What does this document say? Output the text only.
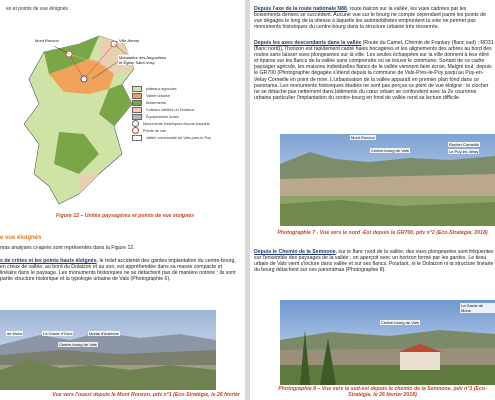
es et points de vue éloignés
Mont Ronzon	Ville Abrest
Monastère des Augustines et Église Saint-Vosy
plateaux agricoles
Vallée urbaine
Boisements
Coteaux habités du Dolaizon
Équipements isolés
Monuments historiques depuis lesquels
Points de vue
Vallée communale de Vals-près-le-Puy
Figure 12 – Unités paysagères et points de vue éloignés
e vue éloignés
mas analysés ci-après sont représentés dans la Figure 12.
s de crêtes et les points hauts éloignés, le relief accidenté des gardes implantation du centre-bourg, en creux de vallée, au bord du Dolaizon et au zon, est appréhendée dans sa masse compacte et linéaire dans le paysage. Les monuments historiques ne se détachent pas de manière notoire ; ils sont partie structure historique et la typologie urbaine de Vals (Photographie 6).
de Mons	La Garde d'Ours	Monts d'Ardèche
Centre-bourg de Vals
Vue vers l'ouest depuis le Mont Ronzon, pdv n°1 (Eco-Stratégie, le 26 février
Depuis l'axe de la route nationale N88, route balcon sur la vallée, les vues cadrées par les boisements denses se succèdent. Aucune vue sur le bourg ne compte cependant parmi les points de vue dégagés le long de la vitesse à laquelle les automobilistes empruntent la voie ne permet pas monuments historiques du centre-bourg dans la structure urbaine très resserrée.
Depuis les axes descendants dans la vallée (Route du Camel, Chemin de Franlary (flanc sud) ; RD31 (flanc nord)), l'horizon est rapidement cadré haies bocagères et les alignements des arbres au bord des routes sans laisser vues plongeantes sur la ville. Les seules échappées sur la ville donnent à leur étiré et éparse sur les flancs de la vallée sans comprendre où se trouve le commune. Sortant de ce cadre paysager agricole, les maisons individuelles flancs de la vallée viennent faire écran. Malgré tout, depuis le GR700 (Photographie dégagée s'étend depuis la commune de Vals-Près-le-Puy jusqu'au Puy-en-Velay Corneille en point de mire. L'urbanisation de la vallée apparaît en premier plan fond dans ce panorama. Les monuments historiques étudiés ne sont pas perçus ce point de vue éloigné : le clocher ne se détache pas nettement dans bâtiments du cœur urbain se confondent avec la 2e couronne urbaine particulier l'implantation du centre-bourg en fond de vallée rend sa lecture difficile.
Mont Ronzon
Centre-bourg de Vals
Rocher Corneille
Le Puy-en-Velay
Photographie 7 - Vue vers le nord -Est depuis le GR700, pdv n°2 (Eco-Stratégie, 2018)
Depuis le Chemin de la Semnone, sur le flanc nord de la vallée, des vues plongeantes sont fréquentes sur l'ensemble des paysages de la vallée ; on aperçoit avec un horizon formé par les gardes. Le tissu urbain de Vals vient s'inclure dans vallée et sur ses flancs. Pourtant, ni le Dolaizon ni la structure linéaire du bourg détachent sur ces panoramas (Photographie 8).
La Garde de Mons
Centre-bourg de Vals
Photographie 8 – Vue vers le sud-est depuis le chemin de la Semnone, pdv n°3 (Eco-Stratégie, le 26 février 2018)
